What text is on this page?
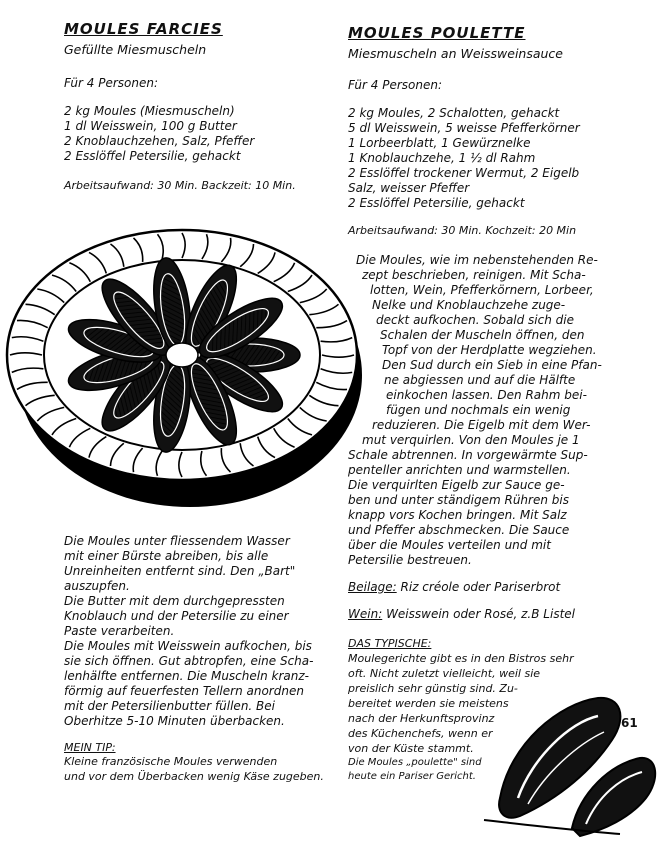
61
MOULES FARCIES
Gefüllte Miesmuscheln
Für 4 Personen:
2 kg Moules (Miesmuscheln)
1 dl Weisswein, 100 g Butter
2 Knoblauchzehen, Salz, Pfeffer
2 Esslöffel Petersilie, gehackt
Arbeitsaufwand: 30 Min. Backzeit: 10 Min.
Die Moules unter fliessendem Wasser
mit einer Bürste abreiben, bis alle
Unreinheiten entfernt sind. Den „Bart"
auszupfen.
Die Butter mit dem durchgepressten
Knoblauch und der Petersilie zu einer
Paste verarbeiten.
Die Moules mit Weisswein aufkochen, bis
sie sich öffnen. Gut abtropfen, eine Scha-
lenhälfte entfernen. Die Muscheln kranz-
förmig auf feuerfesten Tellern anordnen
mit der Petersilienbutter füllen. Bei
Oberhitze 5-10 Minuten überbacken.
MEIN TIP:
Kleine französische Moules verwenden
und vor dem Überbacken wenig Käse zugeben.
MOULES POULETTE
Miesmuscheln an Weissweinsauce
Für 4 Personen:
2 kg Moules, 2 Schalotten, gehackt
5 dl Weisswein, 5 weisse Pfefferkörner
1 Lorbeerblatt, 1 Gewürznelke
1 Knoblauchzehe, 1 ½ dl Rahm
2 Esslöffel trockener Wermut, 2 Eigelb
Salz, weisser Pfeffer
2 Esslöffel Petersilie, gehackt
Arbeitsaufwand: 30 Min. Kochzeit: 20 Min
Die Moules, wie im nebenstehenden Re-
zept beschrieben, reinigen. Mit Scha-
lotten, Wein, Pfefferkörnern, Lorbeer,
Nelke und Knoblauchzehe zuge-
deckt aufkochen. Sobald sich die
Schalen der Muscheln öffnen, den
Topf von der Herdplatte wegziehen.
Den Sud durch ein Sieb in eine Pfan-
ne abgiessen und auf die Hälfte
einkochen lassen. Den Rahm bei-
fügen und nochmals ein wenig
reduzieren. Die Eigelb mit dem Wer-
mut verquirlen. Von den Moules je 1
Schale abtrennen. In vorgewärmte Sup-
penteller anrichten und warmstellen.
Die verquirlten Eigelb zur Sauce ge-
ben und unter ständigem Rühren bis
knapp vors Kochen bringen. Mit Salz
und Pfeffer abschmecken. Die Sauce
über die Moules verteilen und mit
Petersilie bestreuen.
Beilage: Riz créole oder Pariserbrot
Wein: Weisswein oder Rosé, z.B Listel
DAS TYPISCHE:
Moulegerichte gibt es in den Bistros sehr
oft. Nicht zuletzt vielleicht, weil sie
preislich sehr günstig sind. Zu-
bereitet werden sie meistens
nach der Herkunftsprovinz
des Küchenchefs, wenn er
von der Küste stammt.
Die Moules „poulette" sind
heute ein Pariser Gericht.
